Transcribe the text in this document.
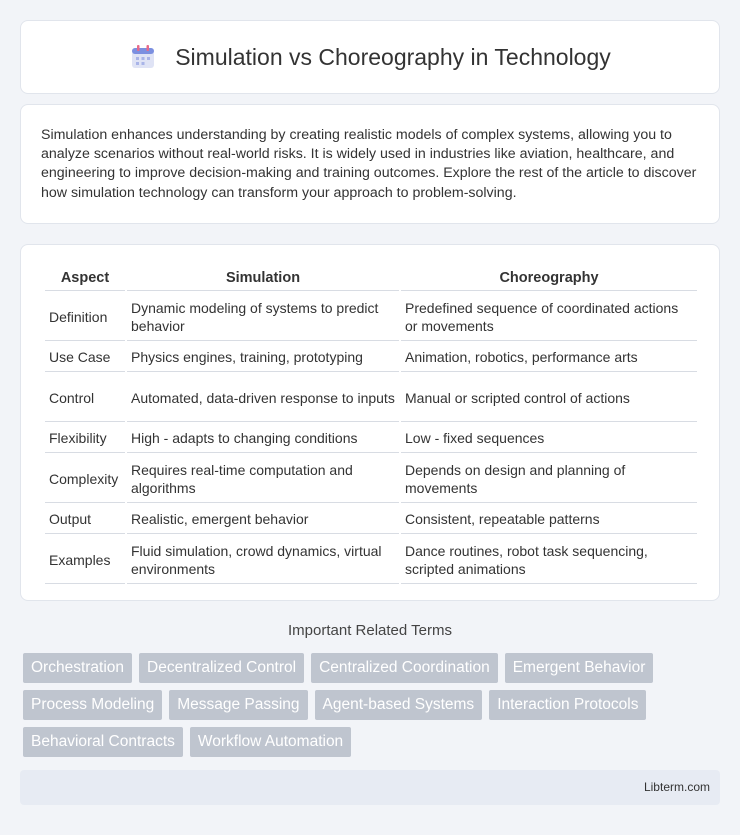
Simulation vs Choreography in Technology

Simulation enhances understanding by creating realistic models of complex systems, allowing you to analyze scenarios without real-world risks. It is widely used in industries like aviation, healthcare, and engineering to improve decision-making and training outcomes. Explore the rest of the article to discover how simulation technology can transform your approach to problem-solving.

Aspect	Simulation	Choreography
Definition	Dynamic modeling of systems to predict behavior	Predefined sequence of coordinated actions or movements
Use Case	Physics engines, training, prototyping	Animation, robotics, performance arts
Control	Automated, data-driven response to inputs	Manual or scripted control of actions
Flexibility	High - adapts to changing conditions	Low - fixed sequences
Complexity	Requires real-time computation and algorithms	Depends on design and planning of movements
Output	Realistic, emergent behavior	Consistent, repeatable patterns
Examples	Fluid simulation, crowd dynamics, virtual environments	Dance routines, robot task sequencing, scripted animations
Important Related Terms
Orchestration	Decentralized Control	Centralized Coordination	Emergent Behavior
Process Modeling	Message Passing	Agent-based Systems	Interaction Protocols
Behavioral Contracts	Workflow Automation
Libterm.com
